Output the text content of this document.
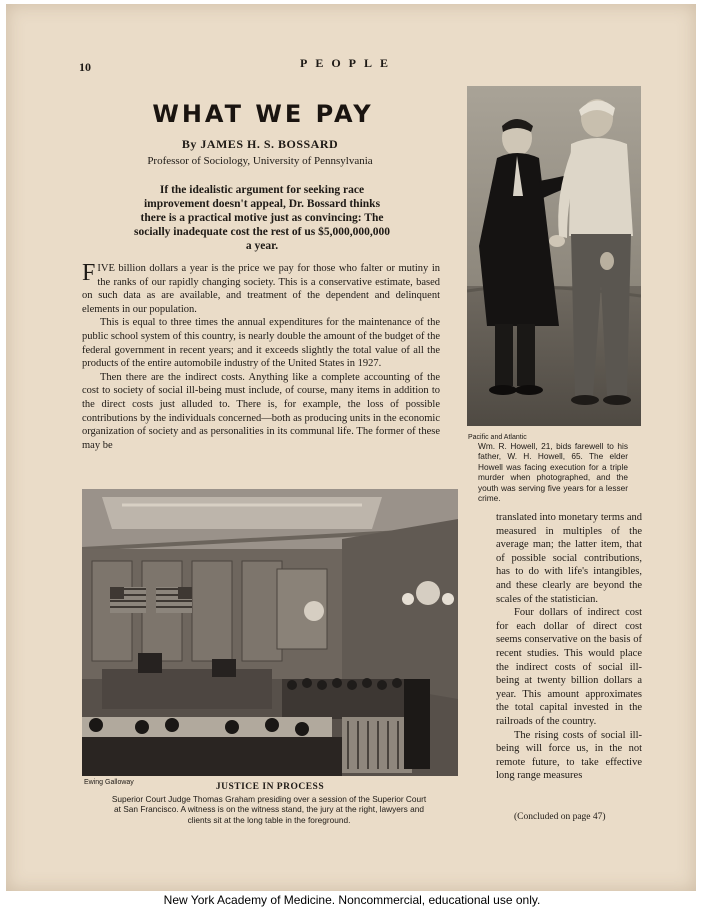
10	PEOPLE
WHAT WE PAY
By JAMES H. S. BOSSARD
Professor of Sociology, University of Pennsylvania
If the idealistic argument for seeking race improvement doesn't appeal, Dr. Bossard thinks there is a practical motive just as convincing: The socially inadequate cost the rest of us $5,000,000,000 a year.

FIVE billion dollars a year is the price we pay for those who falter or mutiny in the ranks of our rapidly changing society. This is a conservative estimate, based on such data as are available, and treatment of the dependent and delinquent elements in our population.

This is equal to three times the annual expenditures for the maintenance of the public school system of this country, is nearly double the amount of the budget of the federal government in recent years; and it exceeds slightly the total value of all the products of the entire automobile industry of the United States in 1927.

Then there are the indirect costs. Anything like a complete accounting of the cost to society of social ill-being must include, of course, many items in addition to the direct costs just alluded to. There is, for example, the loss of possible contributions by the individuals concerned—both as producing units in the economic organization of society and as personalities in its communal life. The former of these may be

Pacific and Atlantic
Wm. R. Howell, 21, bids farewell to his father, W. H. Howell, 65. The elder Howell was facing execution for a triple murder when photographed, and the youth was serving five years for a lesser crime.
Ewing Galloway	JUSTICE IN PROCESS
Superior Court Judge Thomas Graham presiding over a session of the Superior Court at San Francisco. A witness is on the witness stand, the jury at the right, lawyers and clients sit at the long table in the foreground.

translated into monetary terms and measured in multiples of the average man; the latter item, that of possible social contributions, has to do with life's intangibles, and these clearly are beyond the scales of the statistician.

Four dollars of indirect cost for each dollar of direct cost seems conservative on the basis of recent studies. This would place the indirect costs of social ill-being at twenty billion dollars a year. This amount approximates the total capital invested in the railroads of the country.

The rising costs of social ill-being will force us, in the not remote future, to take effective long range measures

(Concluded on page 47)
New York Academy of Medicine. Noncommercial, educational use only.
